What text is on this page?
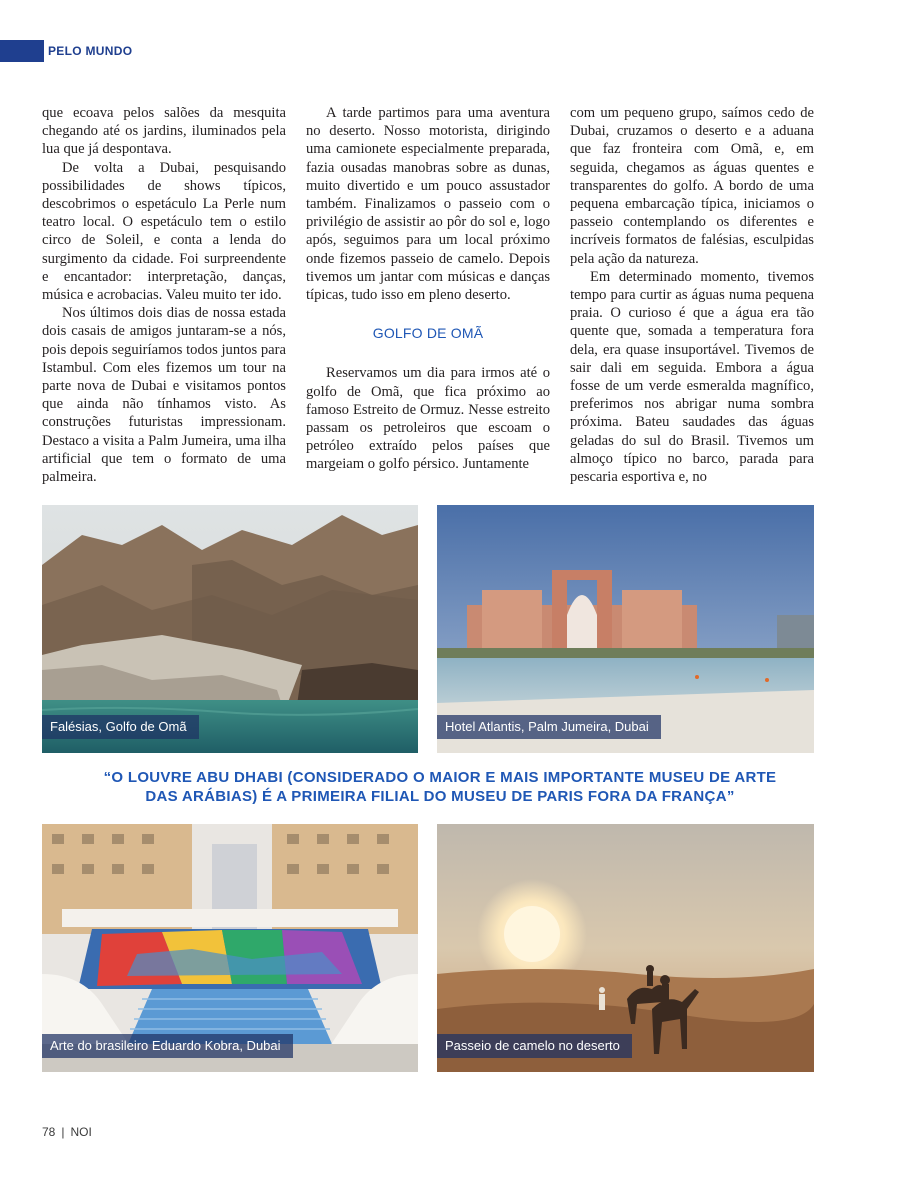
PELO MUNDO

que ecoava pelos salões da mesquita chegando até os jardins, iluminados pela lua que já despontava.

De volta a Dubai, pesquisando possibilidades de shows típicos, descobrimos o espetáculo La Perle num teatro local. O espetáculo tem o estilo circo de Soleil, e conta a lenda do surgimento da cidade. Foi surpreendente e encantador: interpretação, danças, música e acrobacias. Valeu muito ter ido.

Nos últimos dois dias de nossa estada dois casais de amigos juntaram-se a nós, pois depois seguiríamos todos juntos para Istambul. Com eles fizemos um tour na parte nova de Dubai e visitamos pontos que ainda não tínhamos visto. As construções futuristas impressionam. Destaco a visita a Palm Jumeira, uma ilha artificial que tem o formato de uma palmeira.

A tarde partimos para uma aventura no deserto. Nosso motorista, dirigindo uma camionete especialmente preparada, fazia ousadas manobras sobre as dunas, muito divertido e um pouco assustador também. Finalizamos o passeio com o privilégio de assistir ao pôr do sol e, logo após, seguimos para um local próximo onde fizemos passeio de camelo. Depois tivemos um jantar com músicas e danças típicas, tudo isso em pleno deserto.

GOLFO DE OMÃ

Reservamos um dia para irmos até o golfo de Omã, que fica próximo ao famoso Estreito de Ormuz. Nesse estreito passam os petroleiros que escoam o petróleo extraído pelos países que margeiam o golfo pérsico. Juntamente

com um pequeno grupo, saímos cedo de Dubai, cruzamos o deserto e a aduana que faz fronteira com Omã, e, em seguida, chegamos as águas quentes e transparentes do golfo. A bordo de uma pequena embarcação típica, iniciamos o passeio contemplando os diferentes e incríveis formatos de falésias, esculpidas pela ação da natureza.

Em determinado momento, tivemos tempo para curtir as águas numa pequena praia. O curioso é que a água era tão quente que, somada a temperatura fora dela, era quase insuportável. Tivemos de sair dali em seguida. Embora a água fosse de um verde esmeralda magnífico, preferimos nos abrigar numa sombra próxima. Bateu saudades das águas geladas do sul do Brasil. Tivemos um almoço típico no barco, parada para pescaria esportiva e, no

Falésias, Golfo de Omã	Hotel Atlantis, Palm Jumeira, Dubai
“O LOUVRE ABU DHABI (CONSIDERADO O MAIOR E MAIS IMPORTANTE MUSEU DE ARTE
DAS ARÁBIAS) É A PRIMEIRA FILIAL DO MUSEU DE PARIS FORA DA FRANÇA”
Arte do brasileiro Eduardo Kobra, Dubai	Passeio de camelo no deserto
78 | NOI
